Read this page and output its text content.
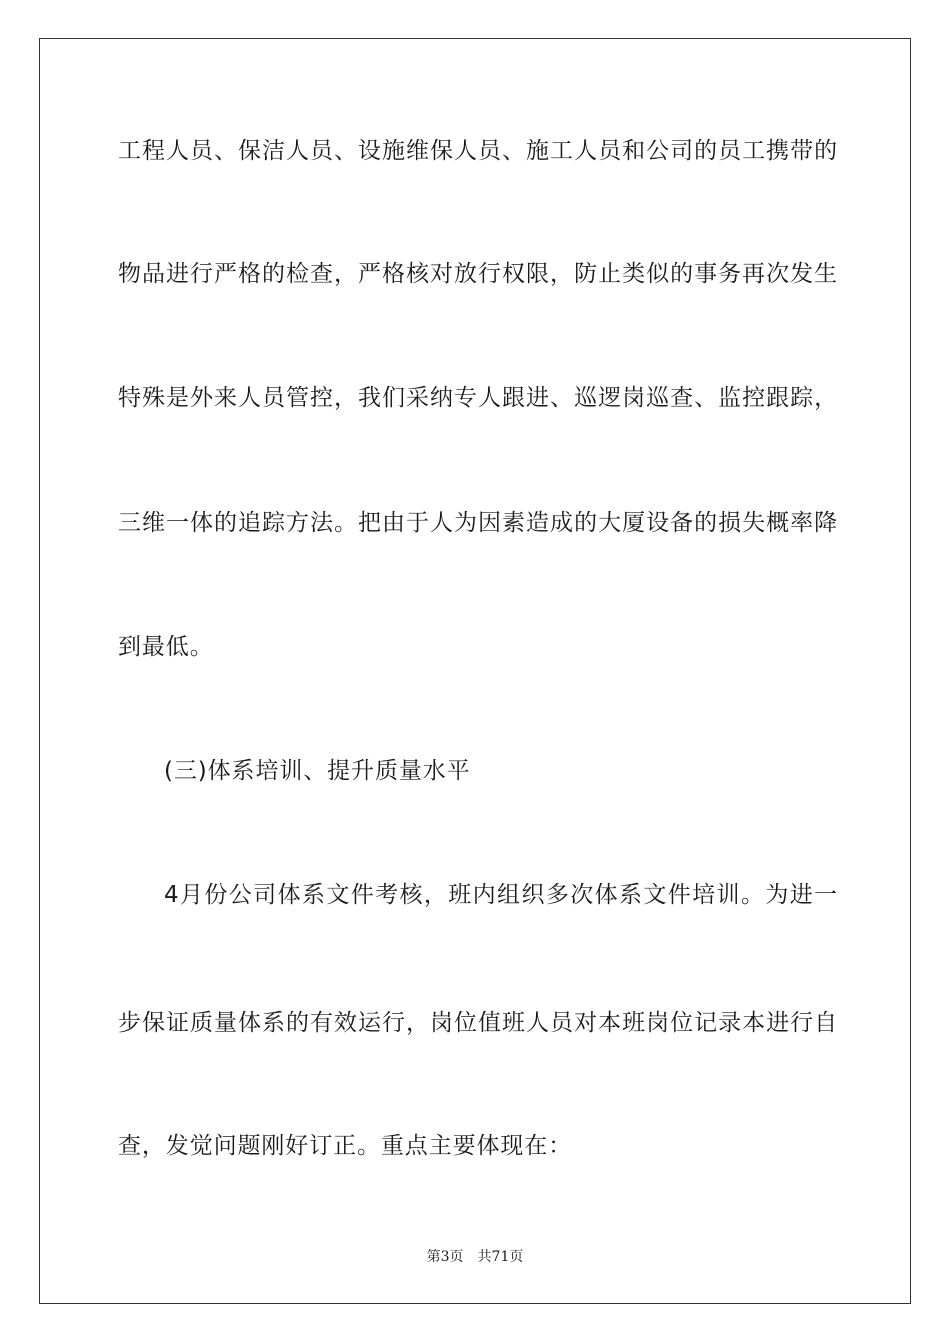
工程人员、保洁人员、设施维保人员、施工人员和公司的员工携带的
物品进行严格的检查，严格核对放行权限，防止类似的事务再次发生
特殊是外来人员管控，我们采纳专人跟进、巡逻岗巡查、监控跟踪，
三维一体的追踪方法。把由于人为因素造成的大厦设备的损失概率降
到最低。
(三)体系培训、提升质量水平
4月份公司体系文件考核，班内组织多次体系文件培训。为进一
步保证质量体系的有效运行，岗位值班人员对本班岗位记录本进行自
查，发觉问题刚好订正。重点主要体现在：
第3页 共71页
